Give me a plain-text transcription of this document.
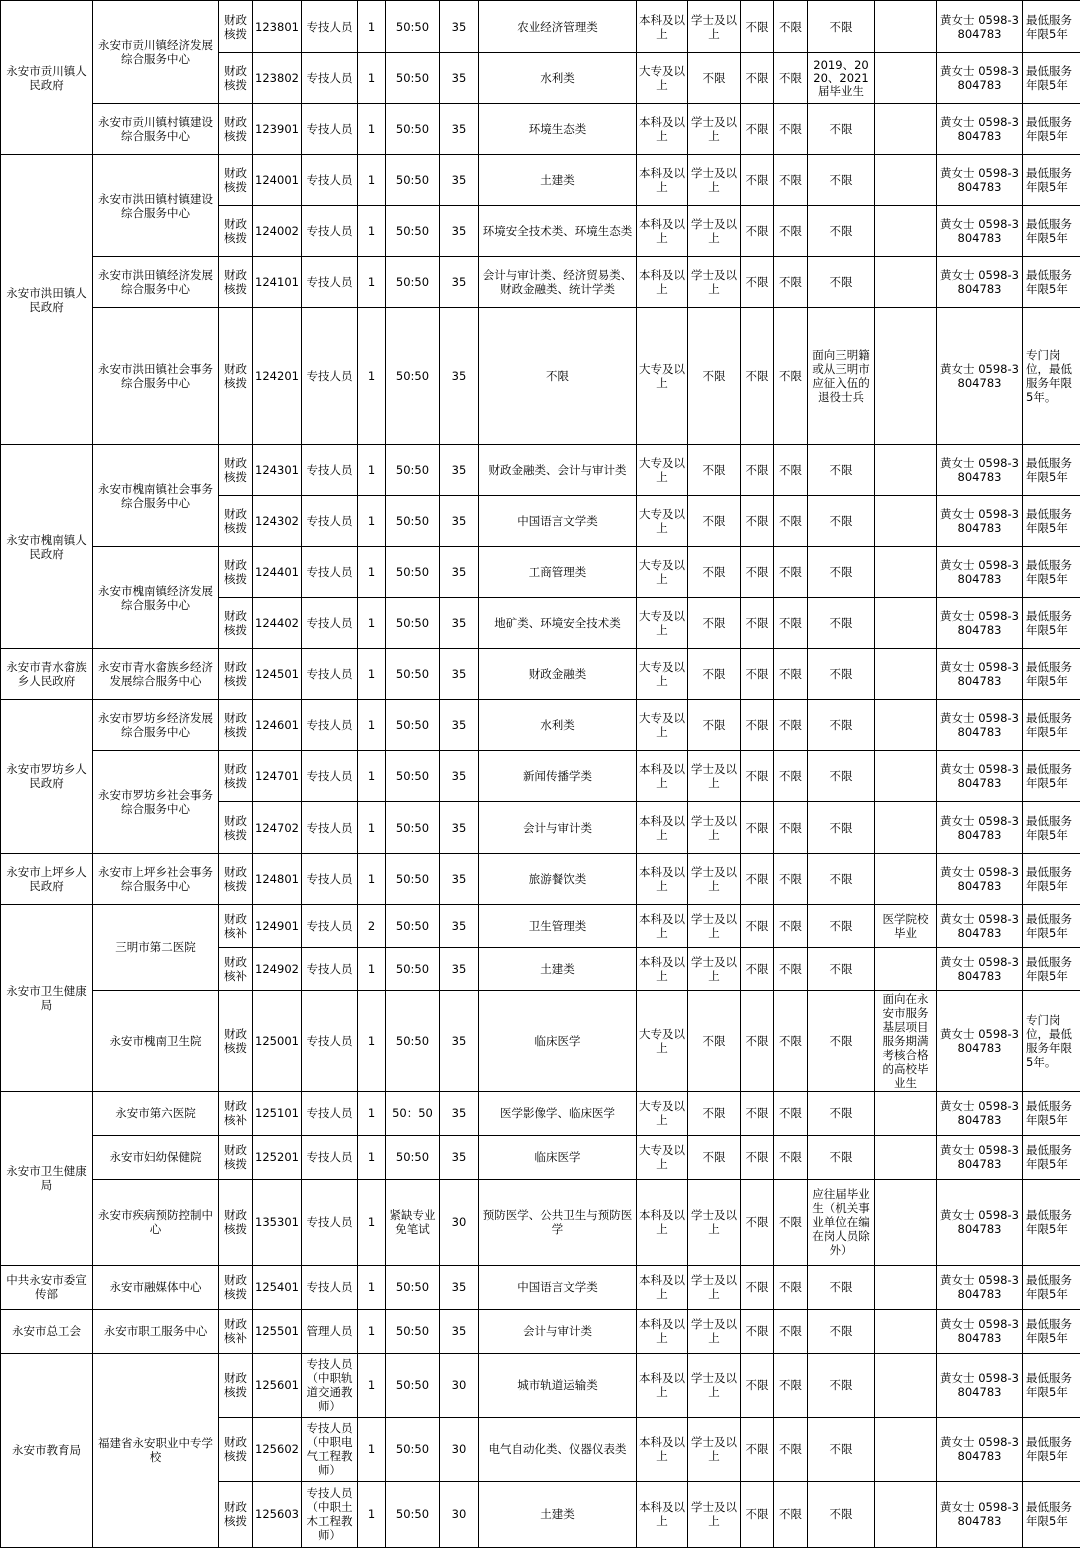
永安市贡川镇人民政府	永安市贡川镇经济发展综合服务中心	财政核拨	123801	专技人员	1	50:50	35	农业经济管理类	本科及以上	学士及以上	不限	不限	不限		黄女士 0598-3804783	最低服务年限5年
		财政核拨	123802	专技人员	1	50:50	35	水利类	大专及以上	不限	不限	不限	2019、2020、2021届毕业生		黄女士 0598-3804783	最低服务年限5年
	永安市贡川镇村镇建设综合服务中心	财政核拨	123901	专技人员	1	50:50	35	环境生态类	本科及以上	学士及以上	不限	不限	不限		黄女士 0598-3804783	最低服务年限5年
永安市洪田镇人民政府	永安市洪田镇村镇建设综合服务中心	财政核拨	124001	专技人员	1	50:50	35	土建类	本科及以上	学士及以上	不限	不限	不限		黄女士 0598-3804783	最低服务年限5年
		财政核拨	124002	专技人员	1	50:50	35	环境安全技术类、环境生态类	本科及以上	学士及以上	不限	不限	不限		黄女士 0598-3804783	最低服务年限5年
	永安市洪田镇经济发展综合服务中心	财政核拨	124101	专技人员	1	50:50	35	会计与审计类、经济贸易类、财政金融类、统计学类	本科及以上	学士及以上	不限	不限	不限		黄女士 0598-3804783	最低服务年限5年
	永安市洪田镇社会事务综合服务中心	财政核拨	124201	专技人员	1	50:50	35	不限	大专及以上	不限	不限	不限	面向三明籍或从三明市应征入伍的退役士兵		黄女士 0598-3804783	专门岗位，最低服务年限5年。
永安市槐南镇人民政府	永安市槐南镇社会事务综合服务中心	财政核拨	124301	专技人员	1	50:50	35	财政金融类、会计与审计类	大专及以上	不限	不限	不限	不限		黄女士 0598-3804783	最低服务年限5年
		财政核拨	124302	专技人员	1	50:50	35	中国语言文学类	大专及以上	不限	不限	不限	不限		黄女士 0598-3804783	最低服务年限5年
	永安市槐南镇经济发展综合服务中心	财政核拨	124401	专技人员	1	50:50	35	工商管理类	大专及以上	不限	不限	不限	不限		黄女士 0598-3804783	最低服务年限5年
		财政核拨	124402	专技人员	1	50:50	35	地矿类、环境安全技术类	大专及以上	不限	不限	不限	不限		黄女士 0598-3804783	最低服务年限5年
永安市青水畲族乡人民政府	永安市青水畲族乡经济发展综合服务中心	财政核拨	124501	专技人员	1	50:50	35	财政金融类	大专及以上	不限	不限	不限	不限		黄女士 0598-3804783	最低服务年限5年
永安市罗坊乡人民政府	永安市罗坊乡经济发展综合服务中心	财政核拨	124601	专技人员	1	50:50	35	水利类	大专及以上	不限	不限	不限	不限		黄女士 0598-3804783	最低服务年限5年
	永安市罗坊乡社会事务综合服务中心	财政核拨	124701	专技人员	1	50:50	35	新闻传播学类	本科及以上	学士及以上	不限	不限	不限		黄女士 0598-3804783	最低服务年限5年
		财政核拨	124702	专技人员	1	50:50	35	会计与审计类	本科及以上	学士及以上	不限	不限	不限		黄女士 0598-3804783	最低服务年限5年
永安市上坪乡人民政府	永安市上坪乡社会事务综合服务中心	财政核拨	124801	专技人员	1	50:50	35	旅游餐饮类	本科及以上	学士及以上	不限	不限	不限		黄女士 0598-3804783	最低服务年限5年
永安市卫生健康局	三明市第二医院	财政核补	124901	专技人员	2	50:50	35	卫生管理类	本科及以上	学士及以上	不限	不限	不限	医学院校毕业	黄女士 0598-3804783	最低服务年限5年
		财政核补	124902	专技人员	1	50:50	35	土建类	本科及以上	学士及以上	不限	不限	不限		黄女士 0598-3804783	最低服务年限5年
	永安市槐南卫生院	财政核拨	125001	专技人员	1	50:50	35	临床医学	大专及以上	不限	不限	不限	不限	面向在永安市服务基层项目服务期满考核合格的高校毕业生	黄女士 0598-3804783	专门岗位，最低服务年限5年。
永安市卫生健康局	永安市第六医院	财政核补	125101	专技人员	1	50：50	35	医学影像学、临床医学	大专及以上	不限	不限	不限	不限		黄女士 0598-3804783	最低服务年限5年
	永安市妇幼保健院	财政核拨	125201	专技人员	1	50:50	35	临床医学	大专及以上	不限	不限	不限	不限		黄女士 0598-3804783	最低服务年限5年
	永安市疾病预防控制中心	财政核拨	135301	专技人员	1	紧缺专业免笔试	30	预防医学、公共卫生与预防医学	本科及以上	学士及以上	不限	不限	应往届毕业生（机关事业单位在编在岗人员除外）		黄女士 0598-3804783	最低服务年限5年
中共永安市委宣传部	永安市融媒体中心	财政核拨	125401	专技人员	1	50:50	35	中国语言文学类	本科及以上	学士及以上	不限	不限	不限		黄女士 0598-3804783	最低服务年限5年
永安市总工会	永安市职工服务中心	财政核补	125501	管理人员	1	50:50	35	会计与审计类	本科及以上	学士及以上	不限	不限	不限		黄女士 0598-3804783	最低服务年限5年
永安市教育局	福建省永安职业中专学校	财政核拨	125601	专技人员（中职轨道交通教师）	1	50:50	30	城市轨道运输类	本科及以上	学士及以上	不限	不限	不限		黄女士 0598-3804783	最低服务年限5年
		财政核拨	125602	专技人员（中职电气工程教师）	1	50:50	30	电气自动化类、仪器仪表类	本科及以上	学士及以上	不限	不限	不限		黄女士 0598-3804783	最低服务年限5年
		财政核拨	125603	专技人员（中职土木工程教师）	1	50:50	30	土建类	本科及以上	学士及以上	不限	不限	不限		黄女士 0598-3804783	最低服务年限5年
